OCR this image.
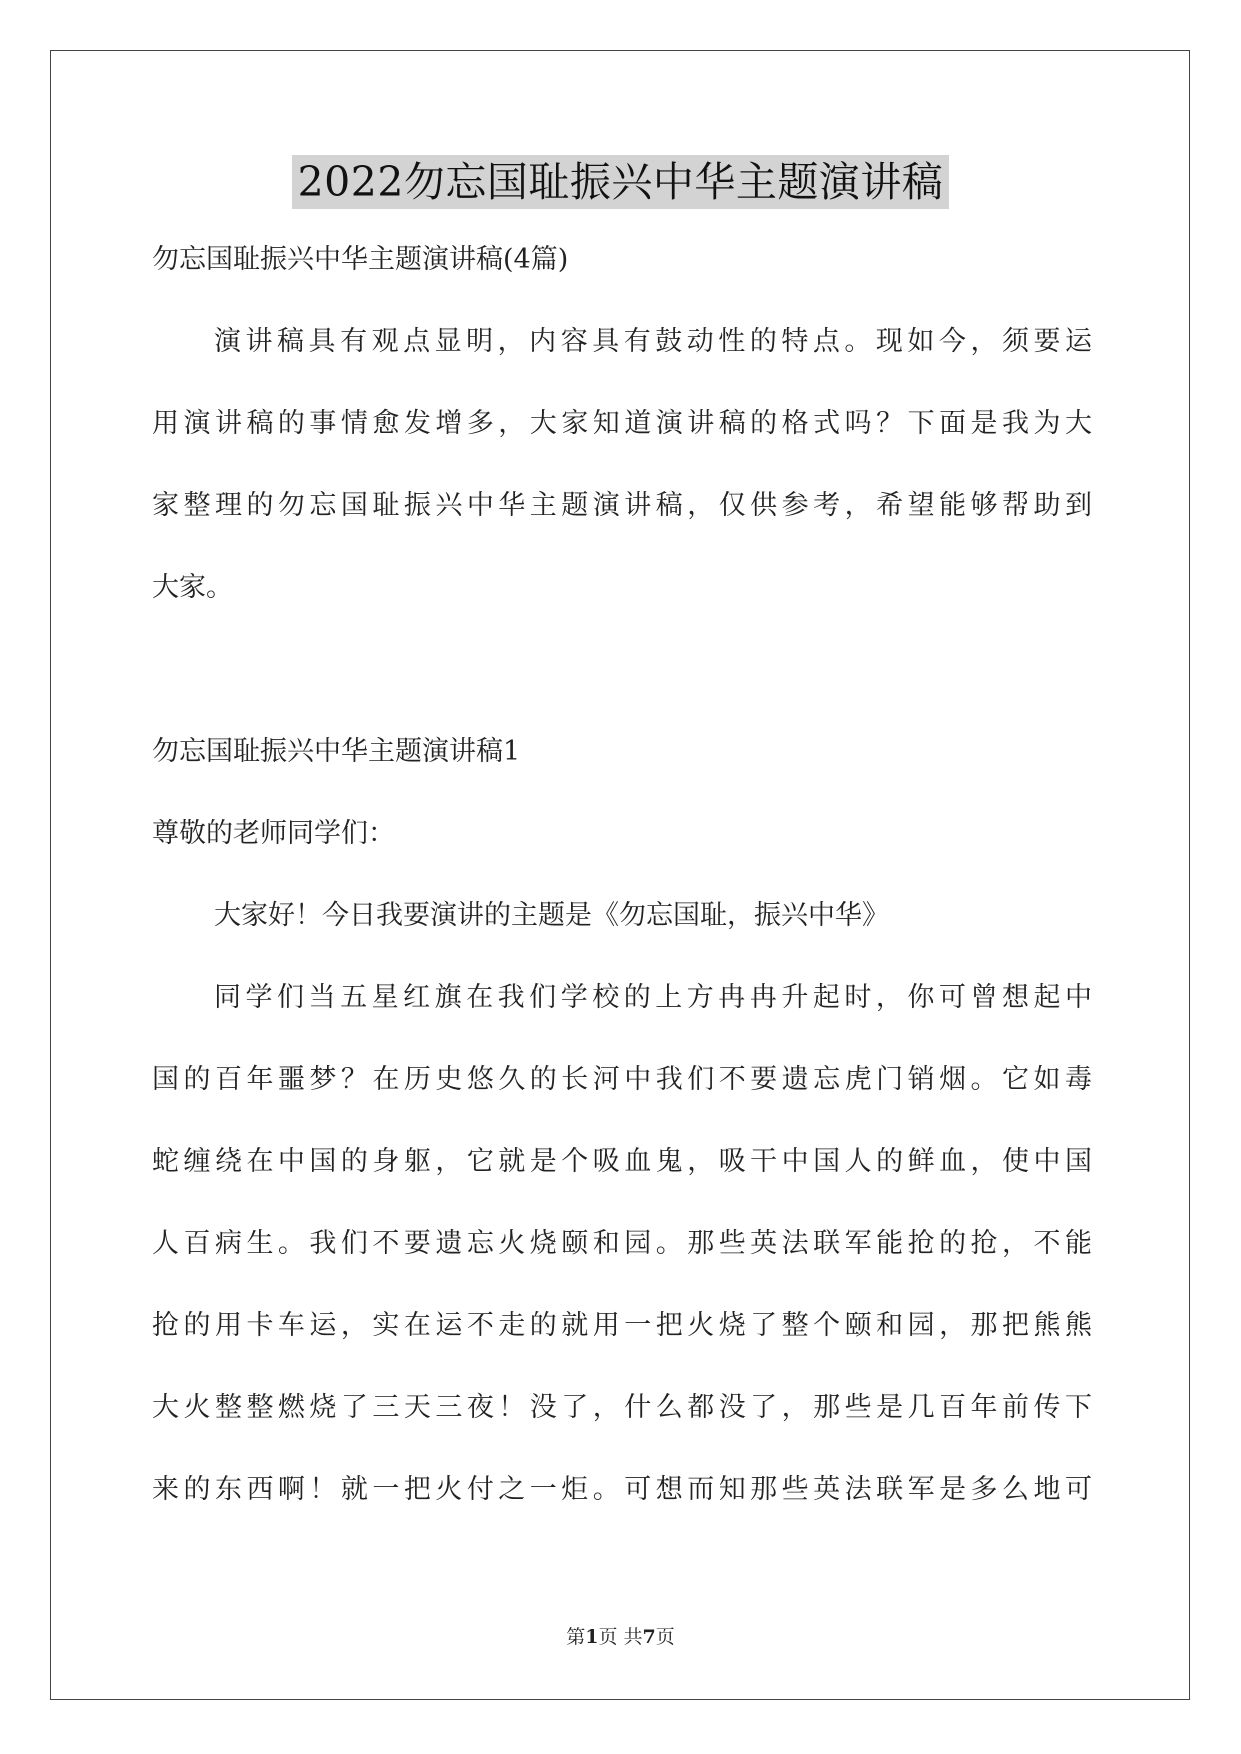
2022勿忘国耻振兴中华主题演讲稿

勿忘国耻振兴中华主题演讲稿(4篇)

演讲稿具有观点显明，内容具有鼓动性的特点。现如今，须要运

用演讲稿的事情愈发增多，大家知道演讲稿的格式吗？下面是我为大

家整理的勿忘国耻振兴中华主题演讲稿，仅供参考，希望能够帮助到

大家。

勿忘国耻振兴中华主题演讲稿1

尊敬的老师同学们：

大家好！今日我要演讲的主题是《勿忘国耻，振兴中华》

同学们当五星红旗在我们学校的上方冉冉升起时，你可曾想起中

国的百年噩梦？在历史悠久的长河中我们不要遗忘虎门销烟。它如毒

蛇缠绕在中国的身躯，它就是个吸血鬼，吸干中国人的鲜血，使中国

人百病生。我们不要遗忘火烧颐和园。那些英法联军能抢的抢，不能

抢的用卡车运，实在运不走的就用一把火烧了整个颐和园，那把熊熊

大火整整燃烧了三天三夜！没了，什么都没了，那些是几百年前传下

来的东西啊！就一把火付之一炬。可想而知那些英法联军是多么地可

第1页 共7页
